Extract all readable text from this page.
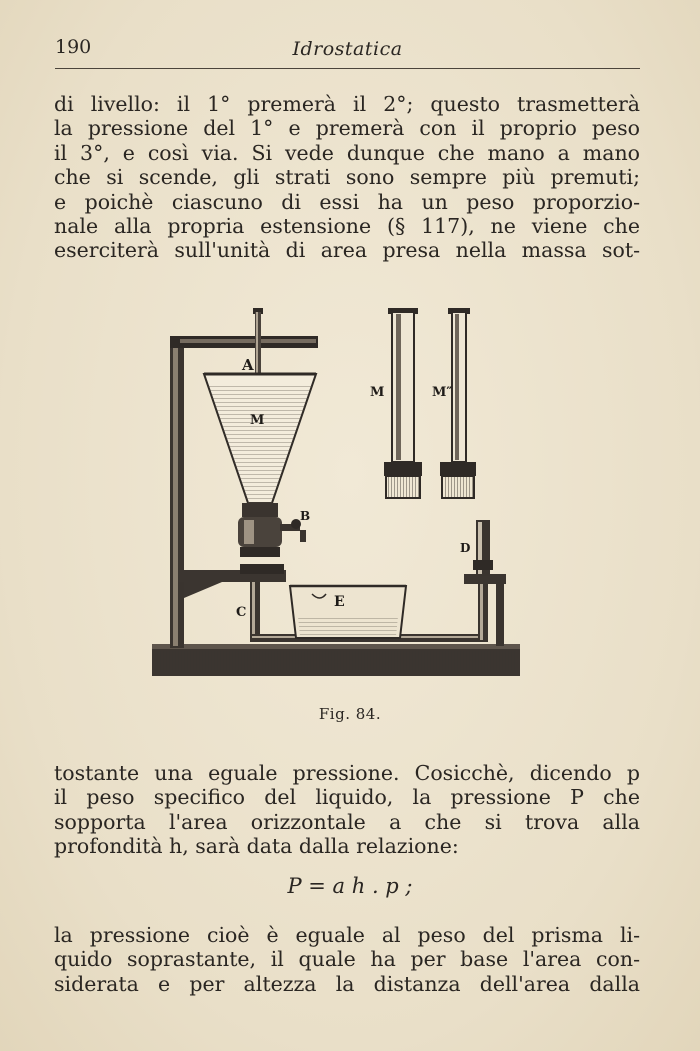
190	Idrostatica
di livello: il 1° premerà il 2°; questo trasmetterà
la pressione del 1° e premerà con il proprio peso
il 3°, e così via. Si vede dunque che mano a mano
che si scende, gli strati sono sempre più premuti;
e poichè ciascuno di essi ha un peso proporzio-
nale alla propria estensione (§ 117), ne viene che
eserciterà sull'unità di area presa nella massa sot-
A
M
M	M″
B
C
D
E
Fig. 84.
tostante una eguale pressione. Cosicchè, dicendo p
il peso specifico del liquido, la pressione P che
sopporta l'area orizzontale a che si trova alla
profondità h, sarà data dalla relazione:
P = a h . p ;
la pressione cioè è eguale al peso del prisma li-
quido soprastante, il quale ha per base l'area con-
siderata e per altezza la distanza dell'area dalla
